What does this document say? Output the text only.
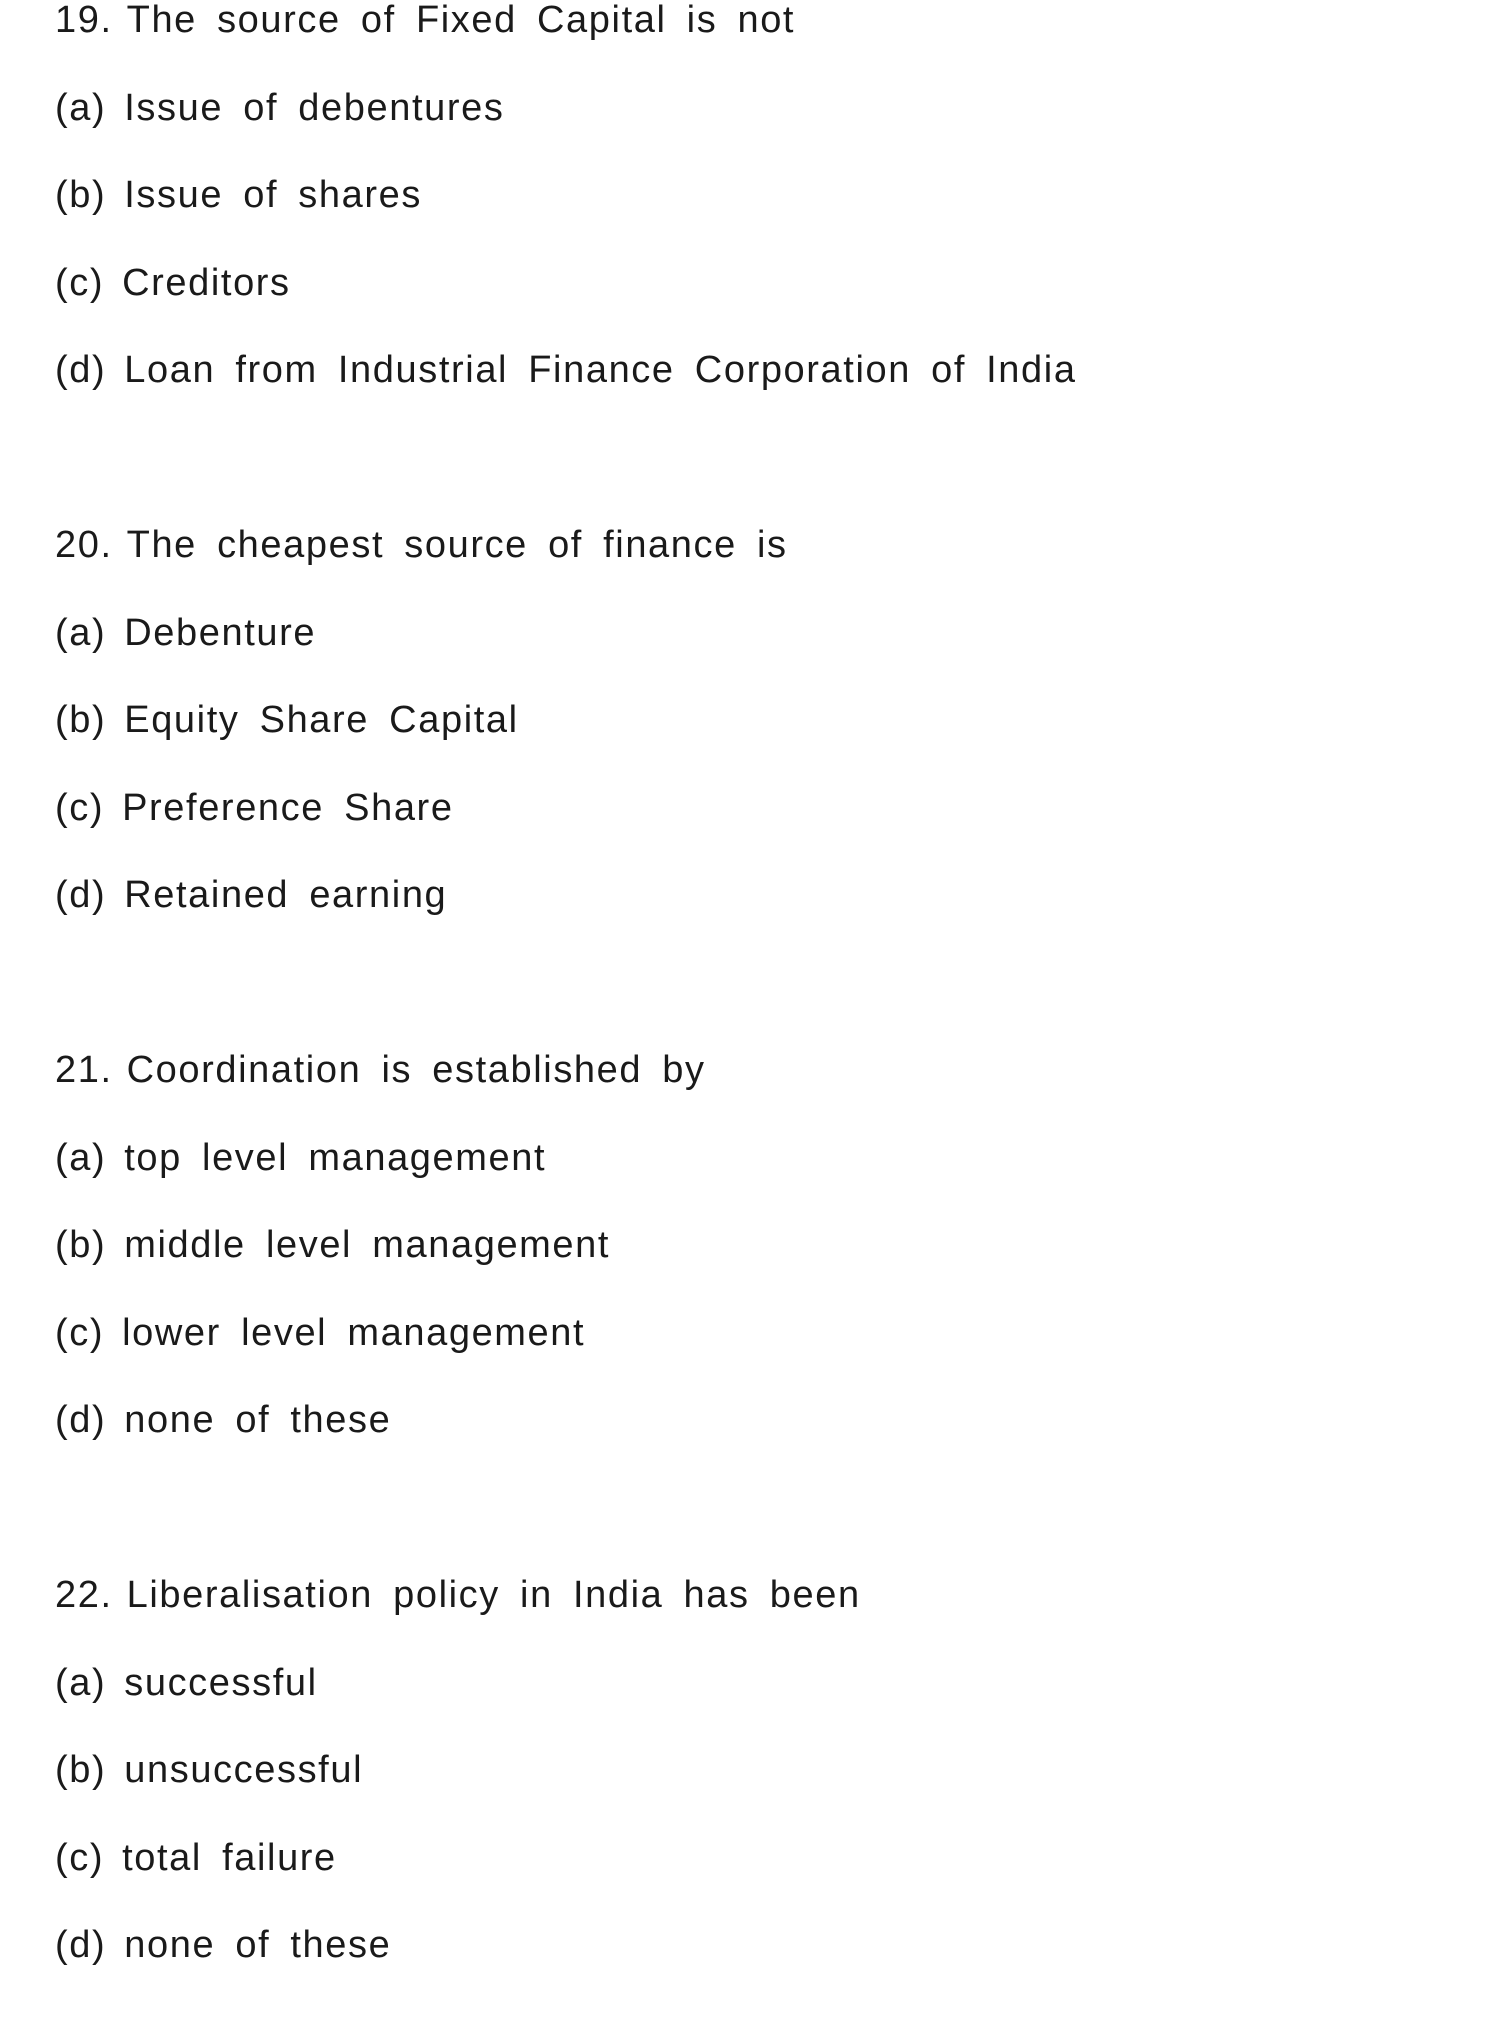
19. The source of Fixed Capital is not
(a) Issue of debentures
(b) Issue of shares
(c) Creditors
(d) Loan from Industrial Finance Corporation of India
20. The cheapest source of finance is
(a) Debenture
(b) Equity Share Capital
(c) Preference Share
(d) Retained earning
21. Coordination is established by
(a) top level management
(b) middle level management
(c) lower level management
(d) none of these
22. Liberalisation policy in India has been
(a) successful
(b) unsuccessful
(c) total failure
(d) none of these
